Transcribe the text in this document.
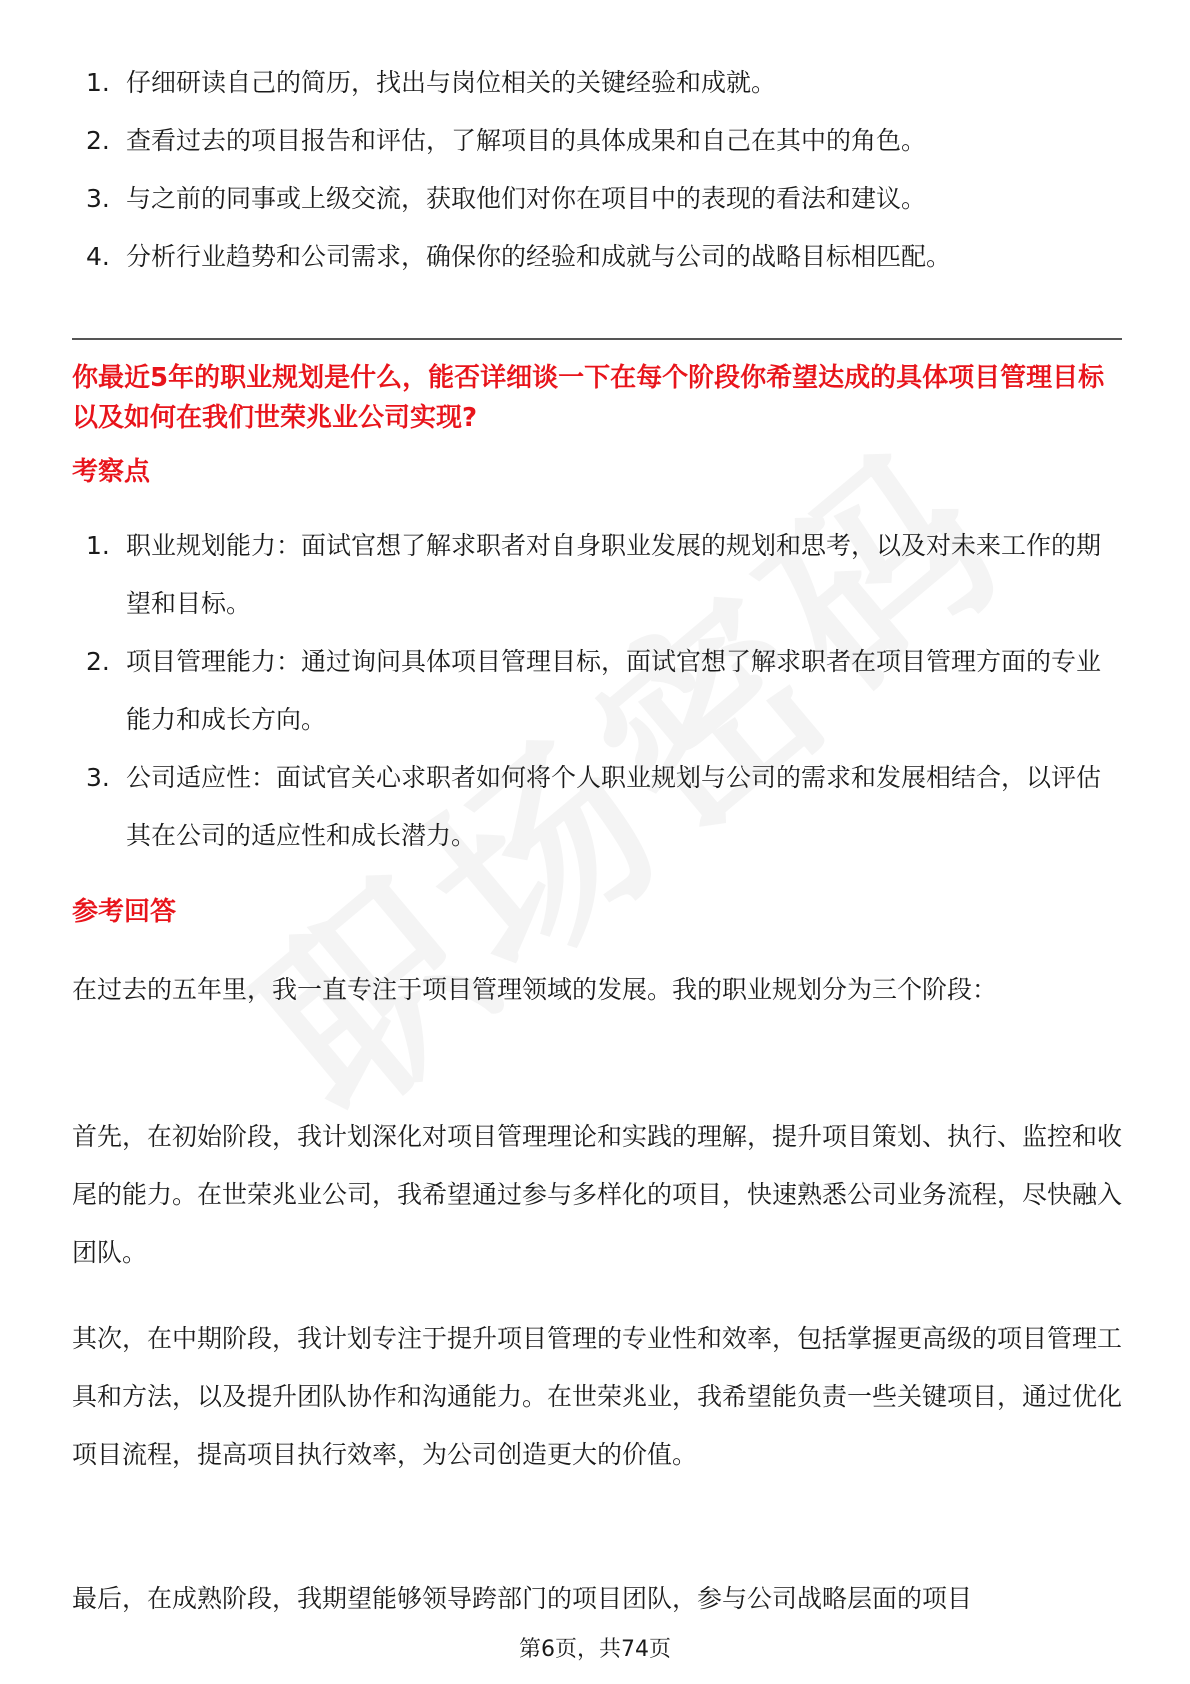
1. 仔细研读自己的简历，找出与岗位相关的关键经验和成就。
2. 查看过去的项目报告和评估，了解项目的具体成果和自己在其中的角色。
3. 与之前的同事或上级交流，获取他们对你在项目中的表现的看法和建议。
4. 分析行业趋势和公司需求，确保你的经验和成就与公司的战略目标相匹配。
你最近5年的职业规划是什么，能否详细谈一下在每个阶段你希望达成的具体项目管理目标以及如何在我们世荣兆业公司实现?
考察点
1. 职业规划能力：面试官想了解求职者对自身职业发展的规划和思考，以及对未来工作的期望和目标。
2. 项目管理能力：通过询问具体项目管理目标，面试官想了解求职者在项目管理方面的专业能力和成长方向。
3. 公司适应性：面试官关心求职者如何将个人职业规划与公司的需求和发展相结合，以评估其在公司的适应性和成长潜力。
参考回答

在过去的五年里，我一直专注于项目管理领域的发展。我的职业规划分为三个阶段：

首先，在初始阶段，我计划深化对项目管理理论和实践的理解，提升项目策划、执行、监控和收尾的能力。在世荣兆业公司，我希望通过参与多样化的项目，快速熟悉公司业务流程，尽快融入团队。

其次，在中期阶段，我计划专注于提升项目管理的专业性和效率，包括掌握更高级的项目管理工具和方法，以及提升团队协作和沟通能力。在世荣兆业，我希望能负责一些关键项目，通过优化项目流程，提高项目执行效率，为公司创造更大的价值。

最后，在成熟阶段，我期望能够领导跨部门的项目团队，参与公司战略层面的项目

第6页，共74页
